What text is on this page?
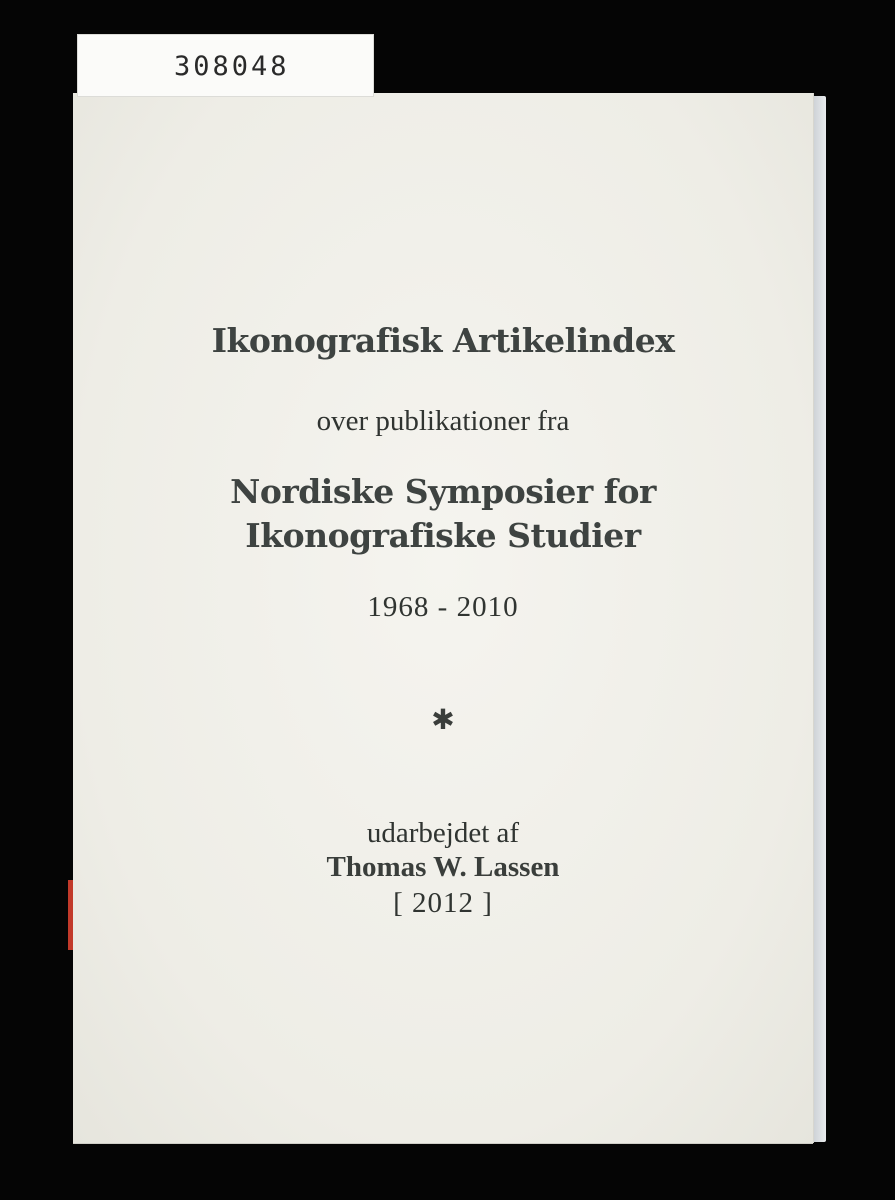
Ikonografisk Artikelindex
over publikationer fra
Nordiske Symposier for
Ikonografiske Studier
1968 - 2010
✱
udarbejdet af
Thomas W. Lassen
[ 2012 ]
308048
